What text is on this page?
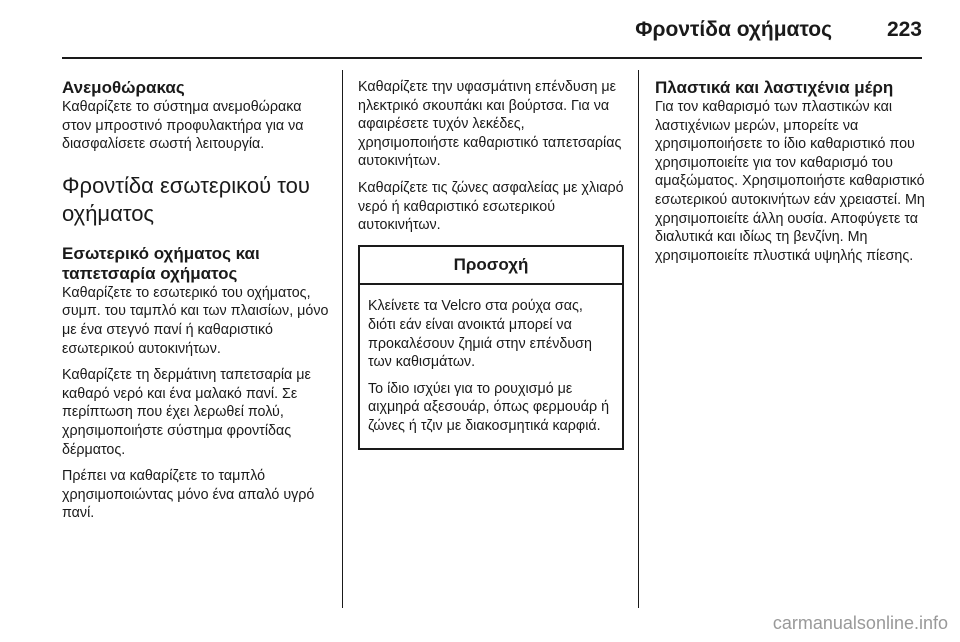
Φροντίδα οχήματος	223
Ανεμοθώρακας

Καθαρίζετε το σύστημα ανεμοθώρακα στον μπροστινό προφυλακτήρα για να διασφαλίσετε σωστή λειτουργία.

Φροντίδα εσωτερικού του οχήματος
Εσωτερικό οχήματος και ταπετσαρία οχήματος

Καθαρίζετε το εσωτερικό του οχήματος, συμπ. του ταμπλό και των πλαισίων, μόνο με ένα στεγνό πανί ή καθαριστικό εσωτερικού αυτοκινήτων.

Καθαρίζετε τη δερμάτινη ταπετσαρία με καθαρό νερό και ένα μαλακό πανί. Σε περίπτωση που έχει λερωθεί πολύ, χρησιμοποιήστε σύστημα φροντίδας δέρματος.

Πρέπει να καθαρίζετε το ταμπλό χρησιμοποιώντας μόνο ένα απαλό υγρό πανί.

Καθαρίζετε την υφασμάτινη επένδυση με ηλεκτρικό σκουπάκι και βούρτσα. Για να αφαιρέσετε τυχόν λεκέδες, χρησιμοποιήστε καθαριστικό ταπετσαρίας αυτοκινήτων.

Καθαρίζετε τις ζώνες ασφαλείας με χλιαρό νερό ή καθαριστικό εσωτερικού αυτοκινήτων.

Προσοχή

Κλείνετε τα Velcro στα ρούχα σας, διότι εάν είναι ανοικτά μπορεί να προκαλέσουν ζημιά στην επένδυση των καθισμάτων.

Το ίδιο ισχύει για το ρουχισμό με αιχμηρά αξεσουάρ, όπως φερμουάρ ή ζώνες ή τζιν με διακοσμητικά καρφιά.

Πλαστικά και λαστιχένια μέρη

Για τον καθαρισμό των πλαστικών και λαστιχένιων μερών, μπορείτε να χρησιμοποιήσετε το ίδιο καθαριστικό που χρησιμοποιείτε για τον καθαρισμό του αμαξώματος. Χρησιμοποιήστε καθαριστικό εσωτερικού αυτοκινήτων εάν χρειαστεί. Μη χρησιμοποιείτε άλλη ουσία. Αποφύγετε τα διαλυτικά και ιδίως τη βενζίνη. Μη χρησιμοποιείτε πλυστικά υψηλής πίεσης.

carmanualsonline.info
